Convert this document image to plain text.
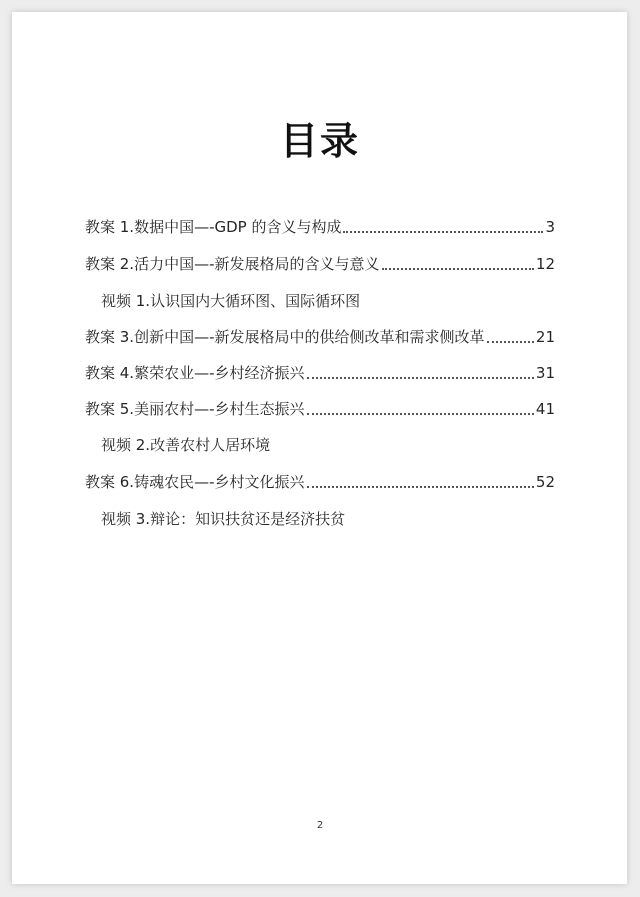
目录
教案 1.数据中国—-GDP 的含义与构成	3
教案 2.活力中国—-新发展格局的含义与意义	12
视频 1.认识国内大循环图、国际循环图
教案 3.创新中国—-新发展格局中的供给侧改革和需求侧改革	21
教案 4.繁荣农业—-乡村经济振兴	31
教案 5.美丽农村—-乡村生态振兴	41
视频 2.改善农村人居环境
教案 6.铸魂农民—-乡村文化振兴	52
视频 3.辩论：知识扶贫还是经济扶贫
2
